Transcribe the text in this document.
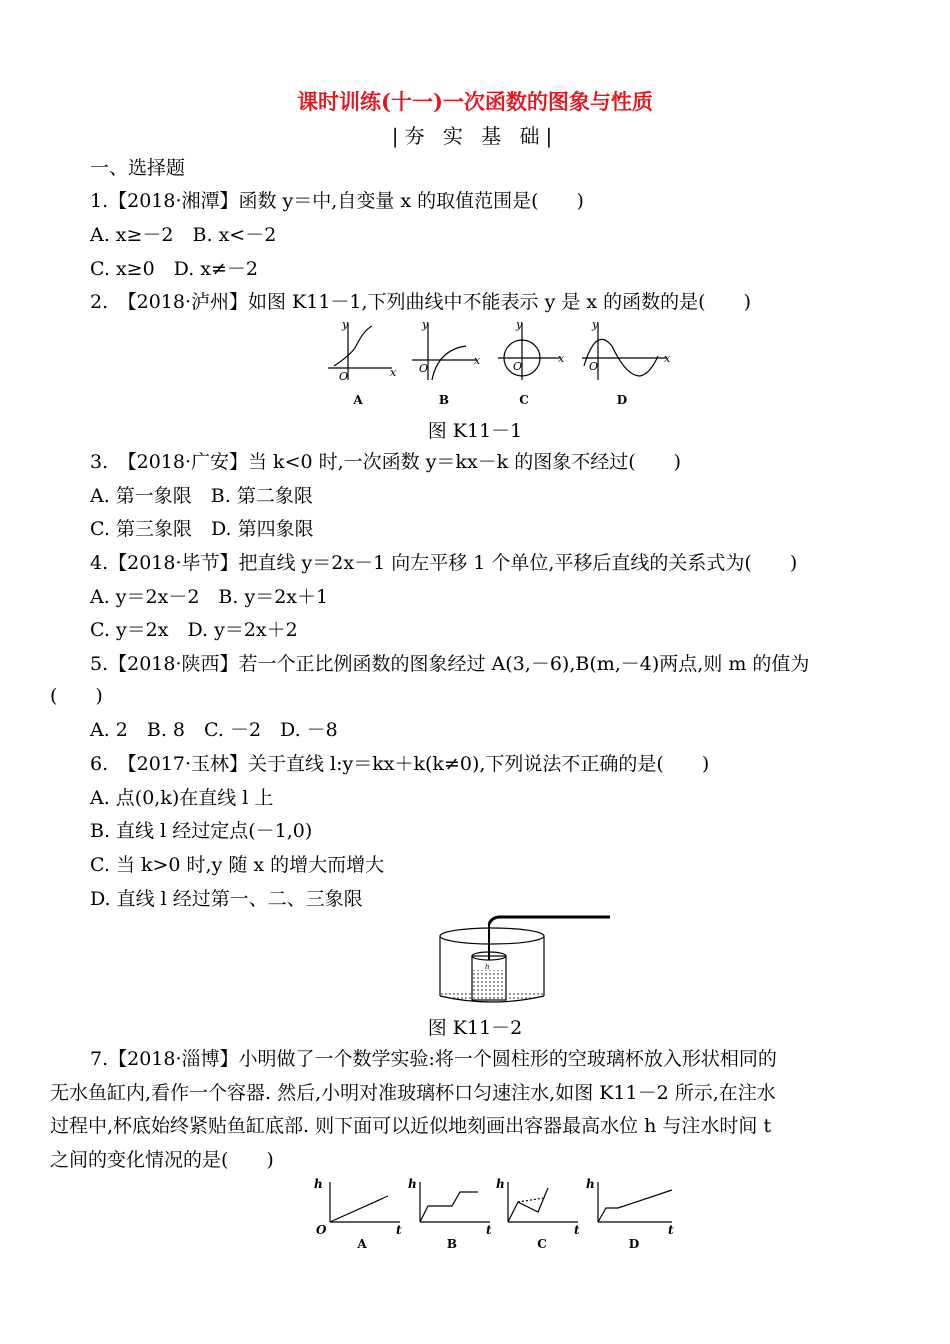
课时训练(十一)一次函数的图象与性质
|夯 实 基 础|
一、选择题
1.【2018·湘潭】函数 y＝中,自变量 x 的取值范围是(　　)
A. x≥－2　B. x<－2
C. x≥0　D. x≠－2
2.　【2018·泸州】如图 K11－1,下列曲线中不能表示 y 是 x 的函数的是(　　)
y
x
O
y
x
O
y
x
O
y
x
O
A	B	C	D
图 K11－1
3.　【2018·广安】当 k<0 时,一次函数 y＝kx－k 的图象不经过(　　)
A. 第一象限　B. 第二象限
C. 第三象限　D. 第四象限
4.【2018·毕节】把直线 y＝2x－1 向左平移 1 个单位,平移后直线的关系式为(　　)
A. y＝2x－2　B. y＝2x＋1
C. y＝2x　D. y＝2x＋2
5.【2018·陕西】若一个正比例函数的图象经过 A(3,－6),B(m,－4)两点,则 m 的值为
(　　)
A. 2　B. 8　C. －2　D. －8
6.　【2017·玉林】关于直线 l:y＝kx＋k(k≠0),下列说法不正确的是(　　)
A. 点(0,k)在直线 l 上
B. 直线 l 经过定点(－1,0)
C. 当 k>0 时,y 随 x 的增大而增大
D. 直线 l 经过第一、二、三象限
h
图 K11－2
7.【2018·淄博】小明做了一个数学实验:将一个圆柱形的空玻璃杯放入形状相同的
无水鱼缸内,看作一个容器. 然后,小明对准玻璃杯口匀速注水,如图 K11－2 所示,在注水
过程中,杯底始终紧贴鱼缸底部. 则下面可以近似地刻画出容器最高水位 h 与注水时间 t
之间的变化情况的是(　　)
h
t
O
h
t
h
t
h
t
A	B	C	D
